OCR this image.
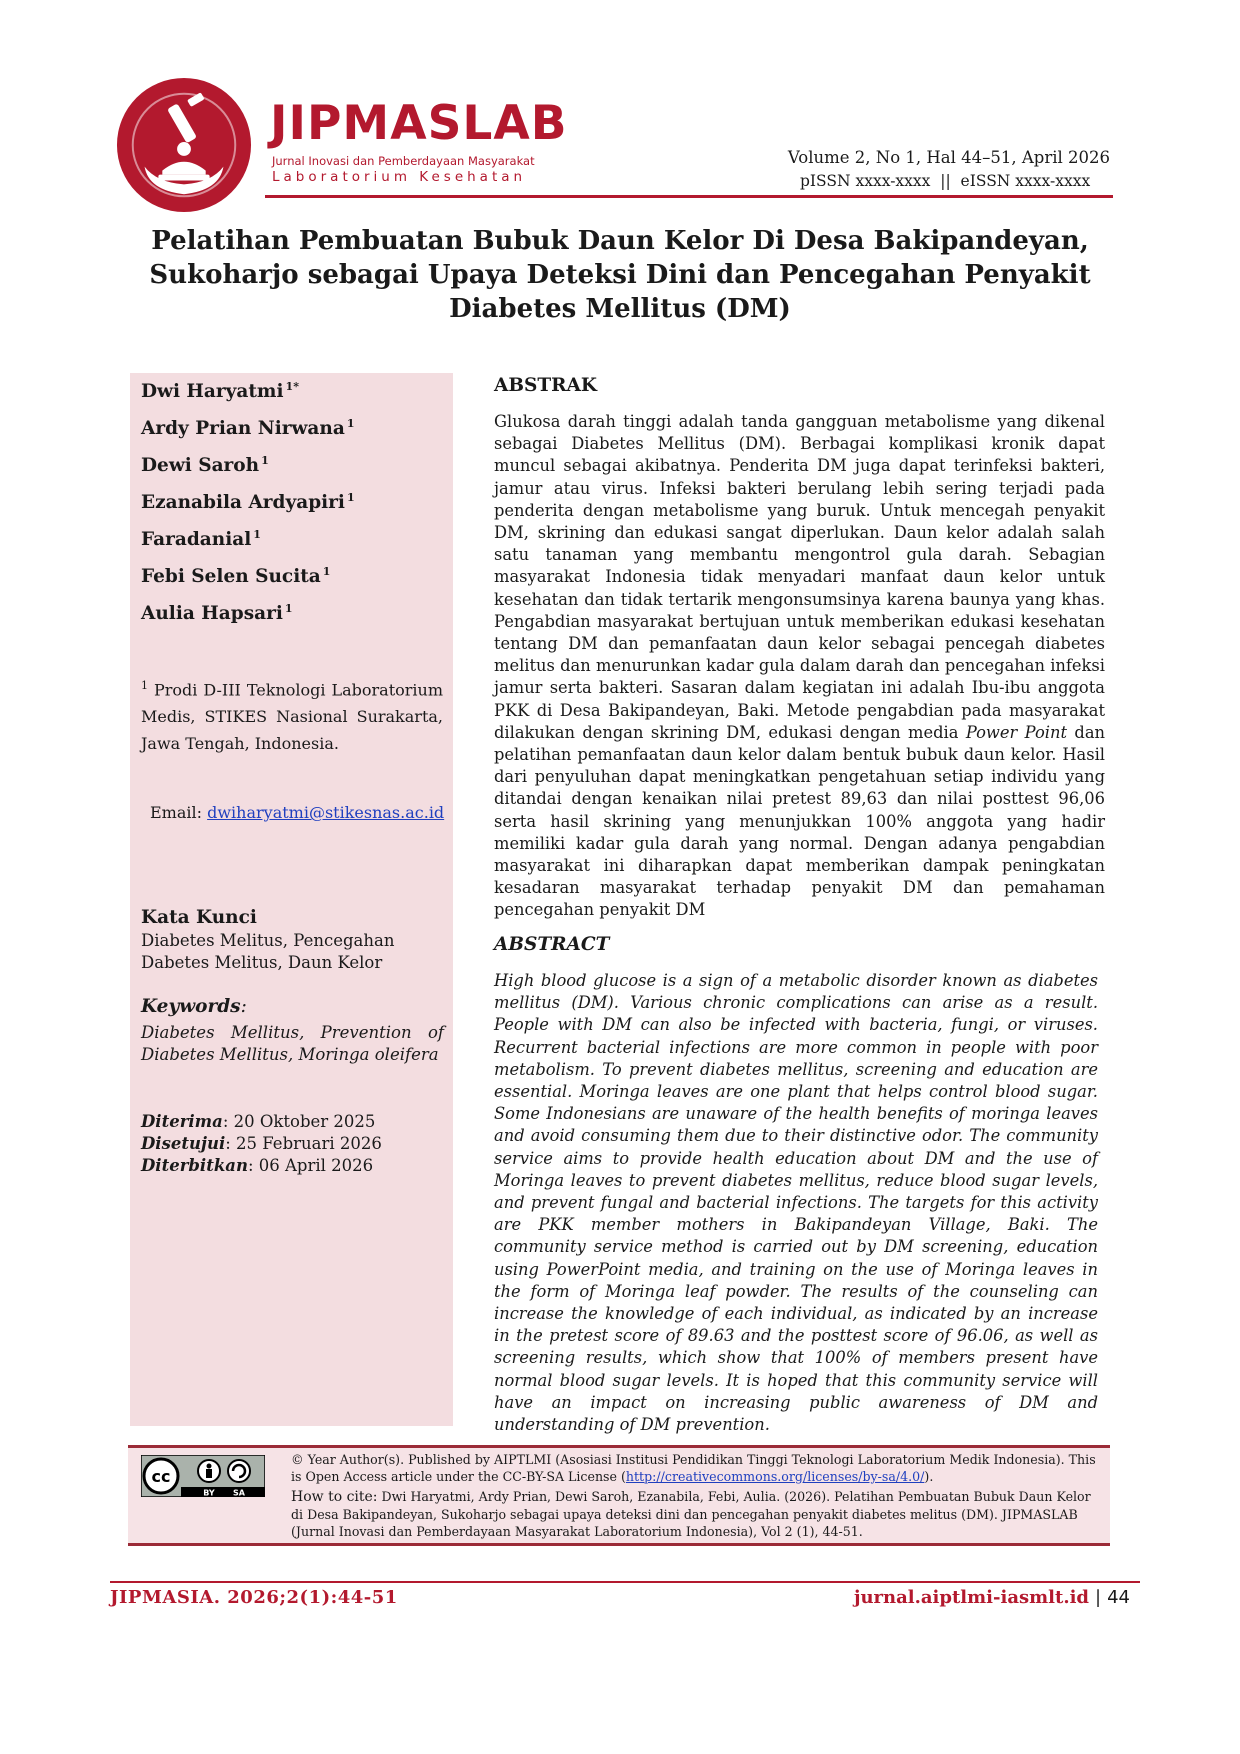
JIPMASLAB
Jurnal Inovasi dan Pemberdayaan Masyarakat
Laboratorium Kesehatan
Volume 2, No 1, Hal 44–51, April 2026
pISSN xxxx-xxxx  ||  eISSN xxxx-xxxx
Pelatihan Pembuatan Bubuk Daun Kelor Di Desa Bakipandeyan, Sukoharjo sebagai Upaya Deteksi Dini dan Pencegahan Penyakit Diabetes Mellitus (DM)
Dwi Haryatmi $^{1*}$
Ardy Prian Nirwana $^1$
Dewi Saroh $^1$
Ezanabila Ardyapiri $^1$
Faradanial $^1$
Febi Selen Sucita $^1$
Aulia Hapsari $^1$
$^1$ Prodi D-III Teknologi Laboratorium Medis, STIKES Nasional Surakarta, Jawa Tengah, Indonesia.
Email: dwiharyatmi@stikesnas.ac.id
Kata Kunci
Diabetes Melitus, Pencegahan Dabetes Melitus, Daun Kelor
Keywords:
Diabetes Mellitus, Prevention of Diabetes Mellitus, Moringa oleifera
Diterima: 20 Oktober 2025
Disetujui: 25 Februari 2026
Diterbitkan: 06 April 2026
ABSTRAK
Glukosa darah tinggi adalah tanda gangguan metabolisme yang dikenal sebagai Diabetes Mellitus (DM). Berbagai komplikasi kronik dapat muncul sebagai akibatnya. Penderita DM juga dapat terinfeksi bakteri, jamur atau virus. Infeksi bakteri berulang lebih sering terjadi pada penderita dengan metabolisme yang buruk. Untuk mencegah penyakit DM, skrining dan edukasi sangat diperlukan. Daun kelor adalah salah satu tanaman yang membantu mengontrol gula darah. Sebagian masyarakat Indonesia tidak menyadari manfaat daun kelor untuk kesehatan dan tidak tertarik mengonsumsinya karena baunya yang khas. Pengabdian masyarakat bertujuan untuk memberikan edukasi kesehatan tentang DM dan pemanfaatan daun kelor sebagai pencegah diabetes melitus dan menurunkan kadar gula dalam darah dan pencegahan infeksi jamur serta bakteri. Sasaran dalam kegiatan ini adalah Ibu-ibu anggota PKK di Desa Bakipandeyan, Baki. Metode pengabdian pada masyarakat dilakukan dengan skrining DM, edukasi dengan media Power Point dan pelatihan pemanfaatan daun kelor dalam bentuk bubuk daun kelor. Hasil dari penyuluhan dapat meningkatkan pengetahuan setiap individu yang ditandai dengan kenaikan nilai pretest 89,63 dan nilai posttest 96,06 serta hasil skrining yang menunjukkan 100% anggota yang hadir memiliki kadar gula darah yang normal. Dengan adanya pengabdian masyarakat ini diharapkan dapat memberikan dampak peningkatan kesadaran masyarakat terhadap penyakit DM dan pemahaman pencegahan penyakit DM
ABSTRACT
High blood glucose is a sign of a metabolic disorder known as diabetes mellitus (DM). Various chronic complications can arise as a result. People with DM can also be infected with bacteria, fungi, or viruses. Recurrent bacterial infections are more common in people with poor metabolism. To prevent diabetes mellitus, screening and education are essential. Moringa leaves are one plant that helps control blood sugar. Some Indonesians are unaware of the health benefits of moringa leaves and avoid consuming them due to their distinctive odor. The community service aims to provide health education about DM and the use of Moringa leaves to prevent diabetes mellitus, reduce blood sugar levels, and prevent fungal and bacterial infections. The targets for this activity are PKK member mothers in Bakipandeyan Village, Baki. The community service method is carried out by DM screening, education using PowerPoint media, and training on the use of Moringa leaves in the form of Moringa leaf powder. The results of the counseling can increase the knowledge of each individual, as indicated by an increase in the pretest score of 89.63 and the posttest score of 96.06, as well as screening results, which show that 100% of members present have normal blood sugar levels. It is hoped that this community service will have an impact on increasing public awareness of DM and understanding of DM prevention.
cc
BY SA
© Year Author(s). Published by AIPTLMI (Asosiasi Institusi Pendidikan Tinggi Teknologi Laboratorium Medik Indonesia). This is Open Access article under the CC-BY-SA License (http://creativecommons.org/licenses/by-sa/4.0/).
How to cite: Dwi Haryatmi, Ardy Prian, Dewi Saroh, Ezanabila, Febi, Aulia. (2026). Pelatihan Pembuatan Bubuk Daun Kelor di Desa Bakipandeyan, Sukoharjo sebagai upaya deteksi dini dan pencegahan penyakit diabetes melitus (DM). JIPMASLAB (Jurnal Inovasi dan Pemberdayaan Masyarakat Laboratorium Indonesia), Vol 2 (1), 44-51.
JIPMASIA. 2026;2(1):44-51	jurnal.aiptlmi-iasmlt.id | 44
